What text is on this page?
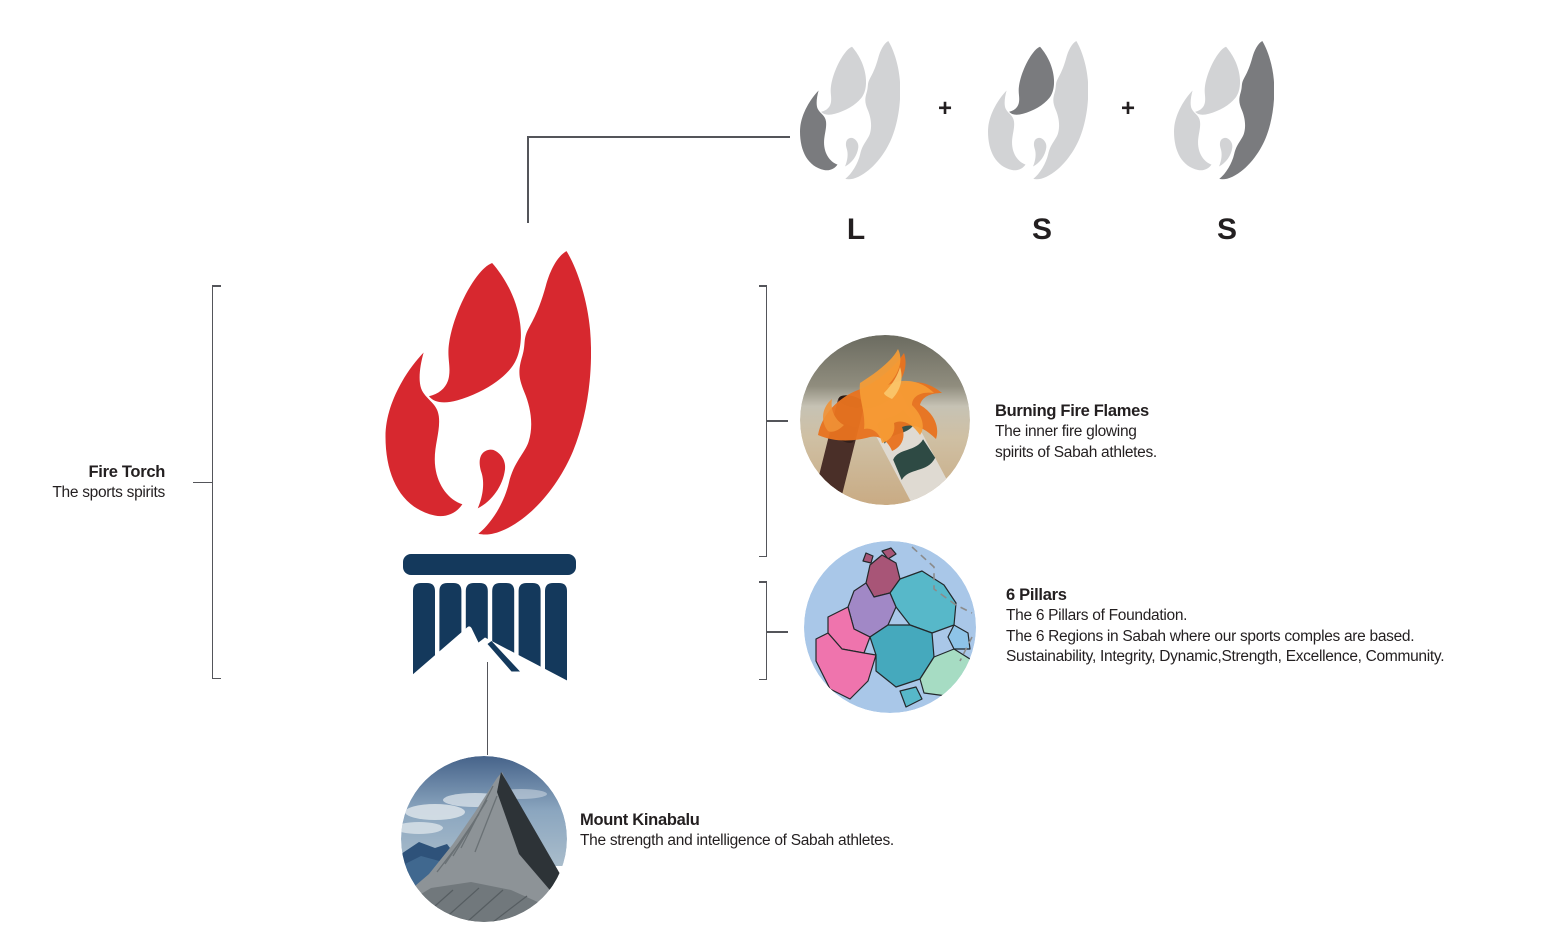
+	+
L	S	S
Fire Torch
The sports spirits
Burning Fire Flames
The inner fire glowing
spirits of Sabah athletes.
6 Pillars
The 6 Pillars of Foundation.
The 6 Regions in Sabah where our sports comples are based.
Sustainability, Integrity, Dynamic,Strength, Excellence, Community.
Mount Kinabalu
The strength and intelligence of Sabah athletes.
